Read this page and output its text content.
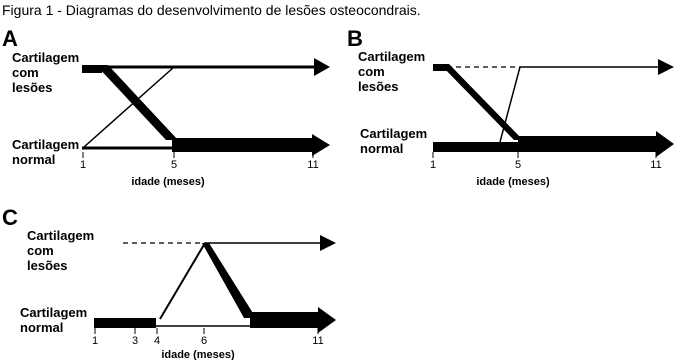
Figura 1 - Diagramas do desenvolvimento de lesões osteocondrais.
A
Cartilagem
com
lesões
Cartilagem
normal 1	5	11
idade (meses)
B
Cartilagem
com
lesões
Cartilagem
normal
1	5	11
idade (meses)
C
Cartilagem
com
lesões
Cartilagem
normal
1	3 4	6	11
idade (meses)
